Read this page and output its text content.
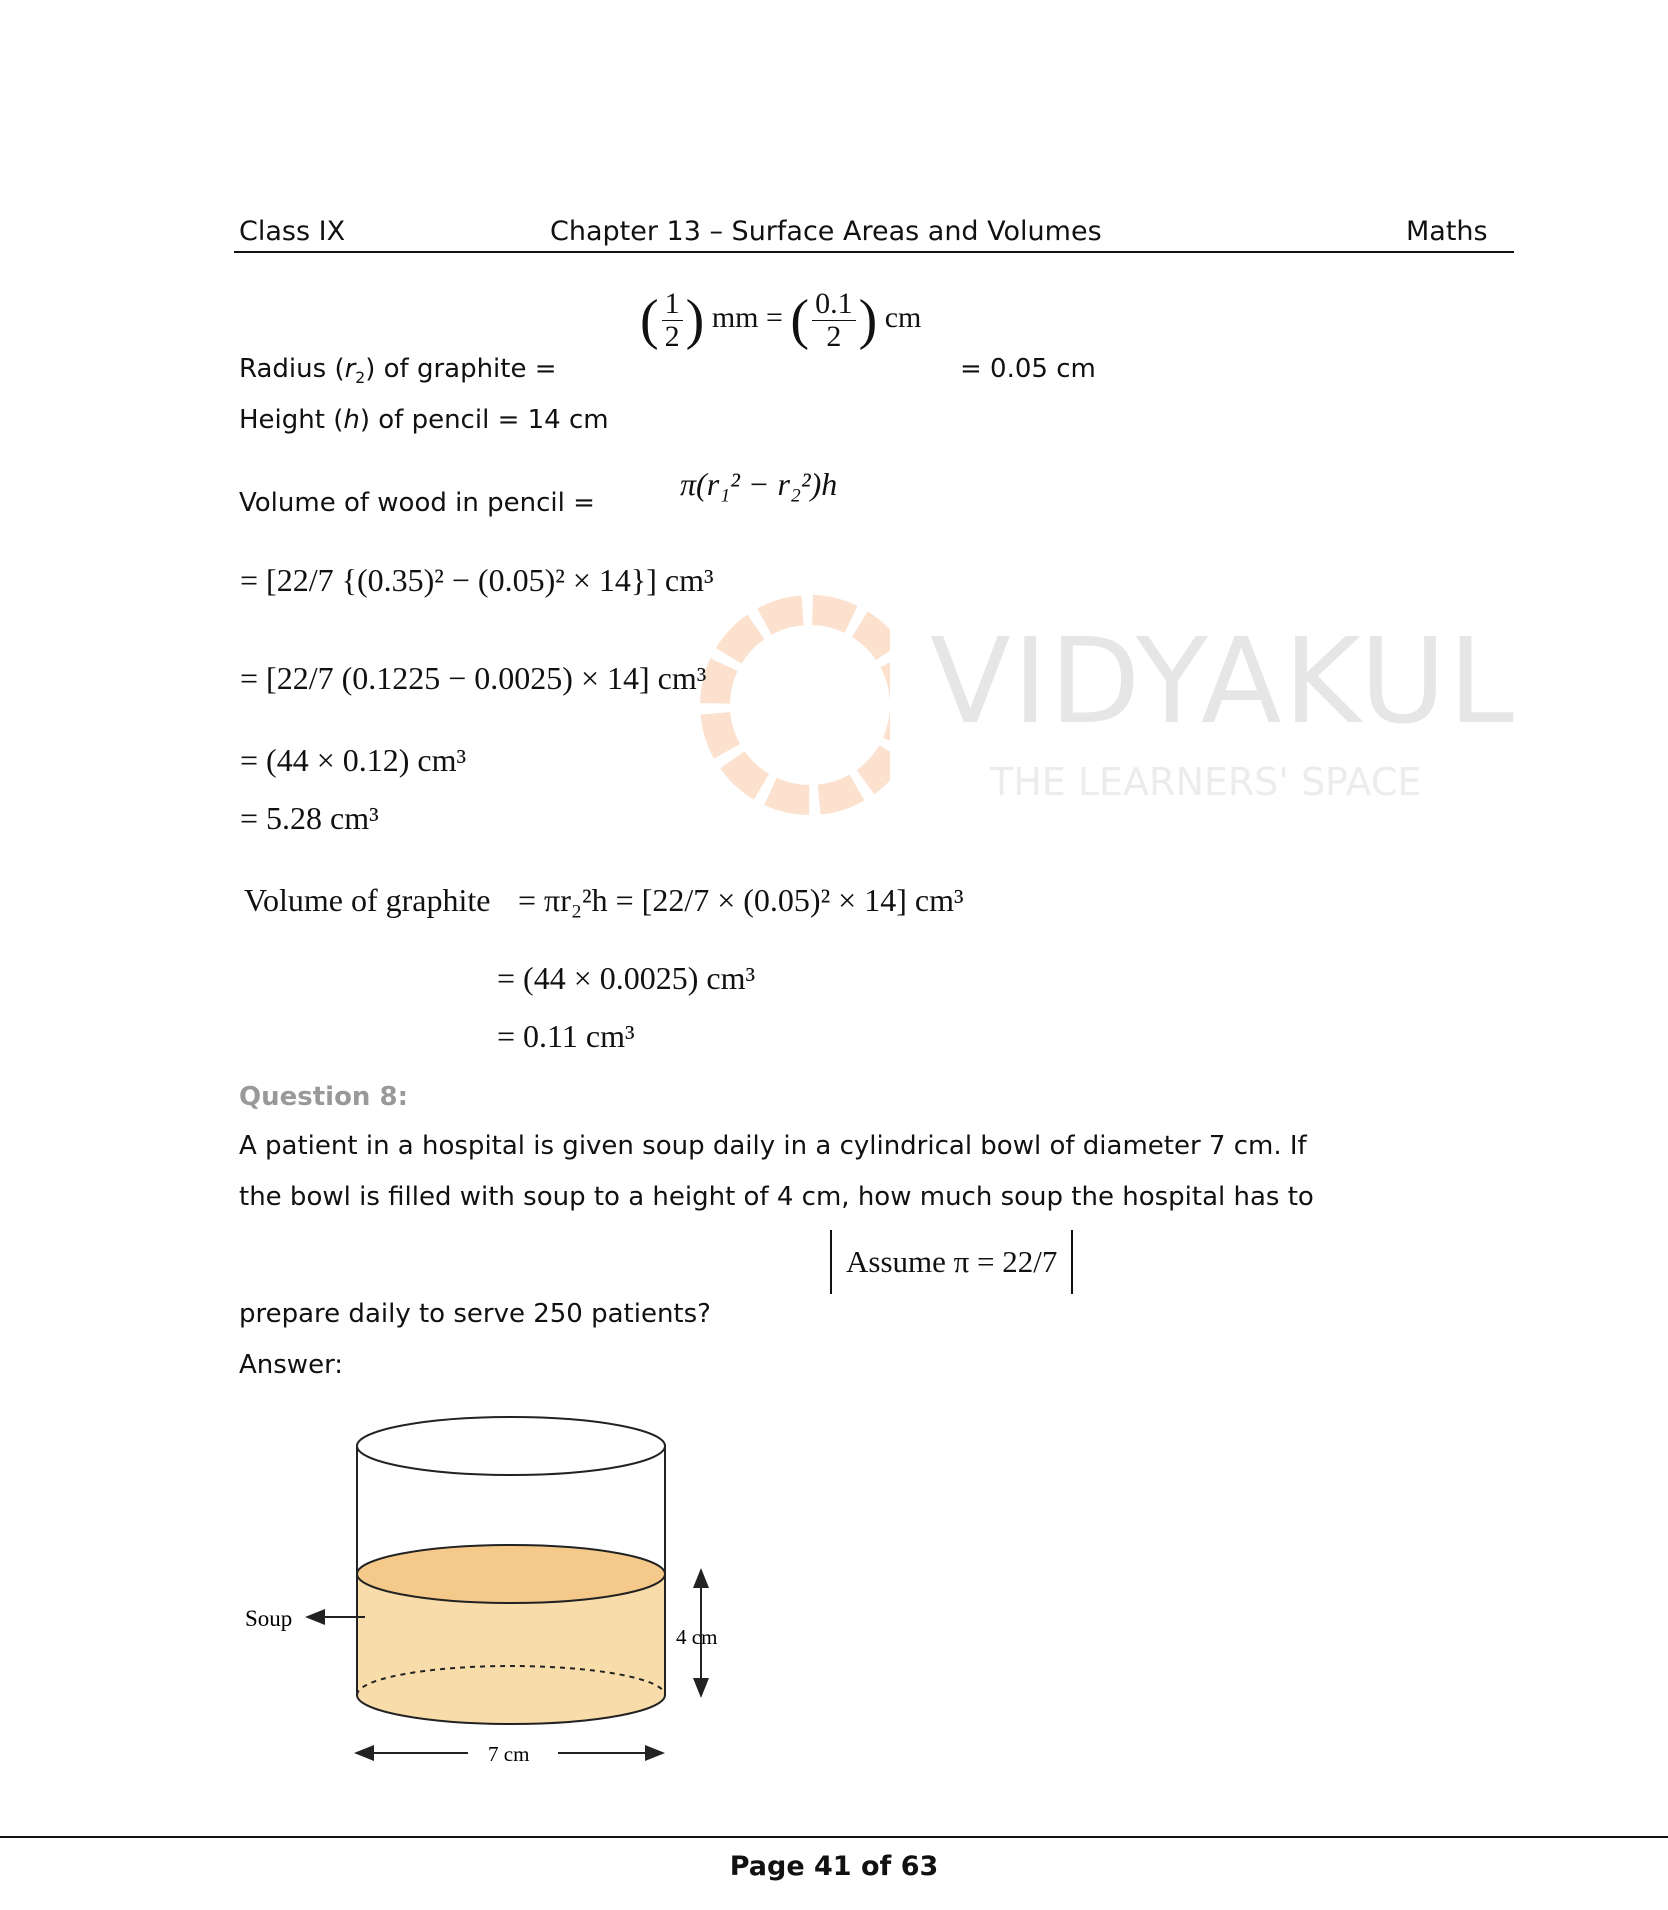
Class IX	Chapter 13 – Surface Areas and Volumes	Maths
VIDYAKUL
THE LEARNERS' SPACE
Radius $(r_2)$ of graphite =
( $\frac{1}{2}$ ) mm = ( $\frac{0.1}{2}$ ) cm
= 0.05 cm
Height (h) of pencil = 14 cm
Volume of wood in pencil =
π(r₁² − r₂²)h
= [22/7 {(0.35)² − (0.05)² × 14}] cm³
= [22/7 (0.1225 − 0.0025) × 14] cm³
= (44 × 0.12) cm³
= 5.28 cm³
Volume of graphite = πr₂²h = [22/7 × (0.05)² × 14] cm³
= (44 × 0.0025) cm³
= 0.11 cm³
Question 8:
A patient in a hospital is given soup daily in a cylindrical bowl of diameter 7 cm. If
the bowl is filled with soup to a height of 4 cm, how much soup the hospital has to
prepare daily to serve 250 patients?
Assume π = 22/7
Answer:
Soup
4 cm
7 cm
Page 41 of 63
